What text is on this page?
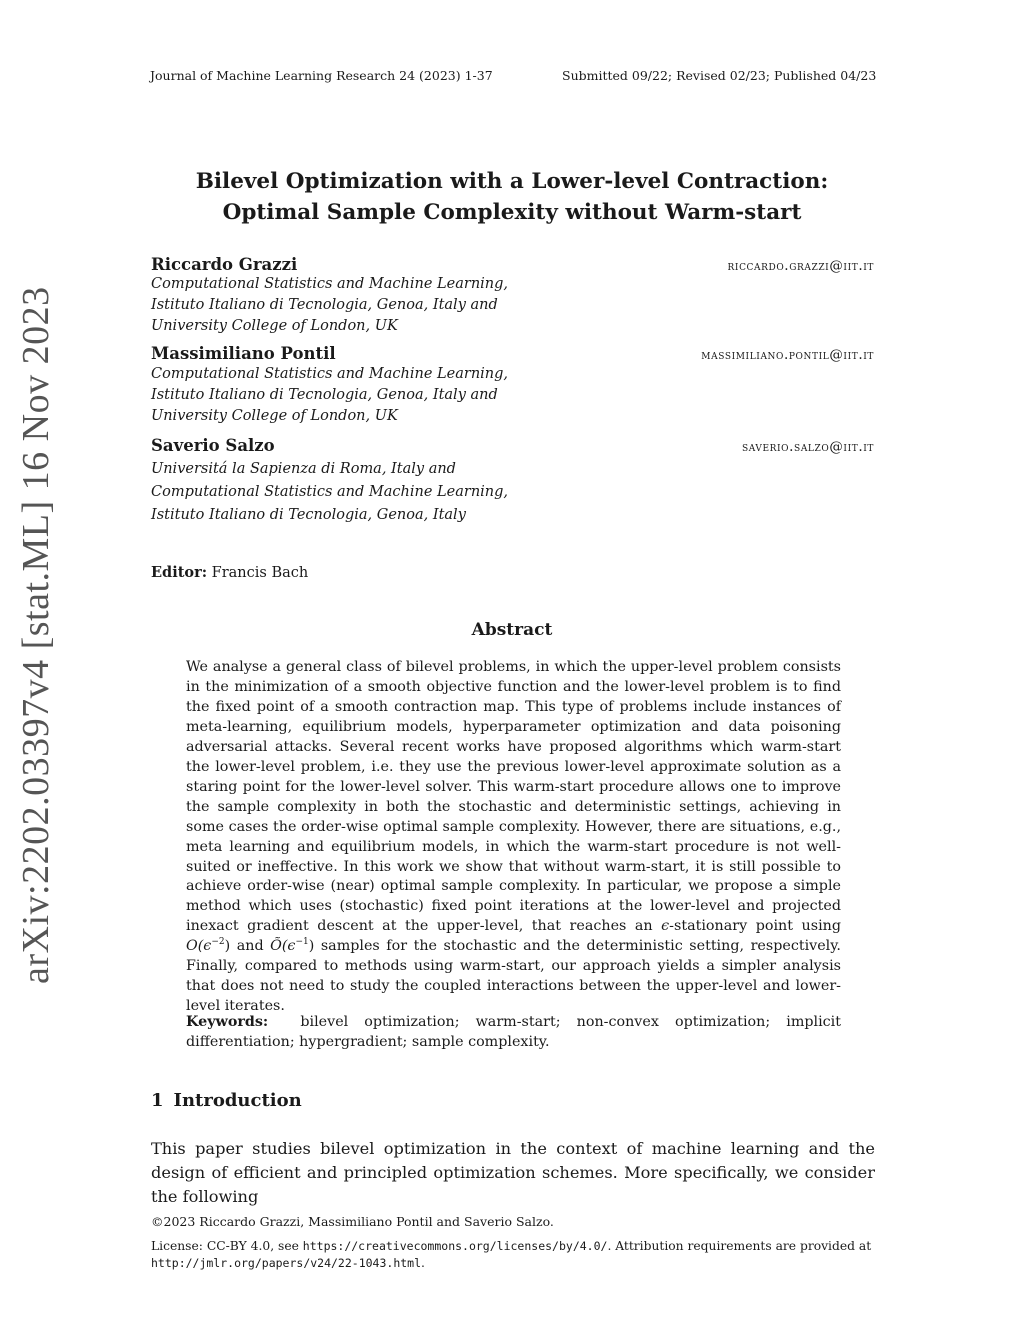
Journal of Machine Learning Research 24 (2023) 1-37	Submitted 09/22; Revised 02/23; Published 04/23
arXiv:2202.03397v4 [stat.ML] 16 Nov 2023
Bilevel Optimization with a Lower-level Contraction:
Optimal Sample Complexity without Warm-start
Riccardo Grazzi	riccardo.grazzi@iit.it
Computational Statistics and Machine Learning,
Istituto Italiano di Tecnologia, Genoa, Italy and
University College of London, UK
Massimiliano Pontil	massimiliano.pontil@iit.it
Computational Statistics and Machine Learning,
Istituto Italiano di Tecnologia, Genoa, Italy and
University College of London, UK
Saverio Salzo	saverio.salzo@iit.it
Universitá la Sapienza di Roma, Italy and
Computational Statistics and Machine Learning,
Istituto Italiano di Tecnologia, Genoa, Italy
Editor: Francis Bach
Abstract
We analyse a general class of bilevel problems, in which the upper-level problem consists in the minimization of a smooth objective function and the lower-level problem is to find the fixed point of a smooth contraction map. This type of problems include instances of meta-learning, equilibrium models, hyperparameter optimization and data poisoning adversarial attacks. Several recent works have proposed algorithms which warm-start the lower-level problem, i.e. they use the previous lower-level approximate solution as a staring point for the lower-level solver. This warm-start procedure allows one to improve the sample complexity in both the stochastic and deterministic settings, achieving in some cases the order-wise optimal sample complexity. However, there are situations, e.g., meta learning and equilibrium models, in which the warm-start procedure is not well-suited or ineffective. In this work we show that without warm-start, it is still possible to achieve order-wise (near) optimal sample complexity. In particular, we propose a simple method which uses (stochastic) fixed point iterations at the lower-level and projected inexact gradient descent at the upper-level, that reaches an ϵ-stationary point using $O(\epsilon^{-2})$ and $Õ(\epsilon^{-1})$ samples for the stochastic and the deterministic setting, respectively. Finally, compared to methods using warm-start, our approach yields a simpler analysis that does not need to study the coupled interactions between the upper-level and lower-level iterates.
Keywords: bilevel optimization; warm-start; non-convex optimization; implicit differentiation; hypergradient; sample complexity.
1 Introduction
This paper studies bilevel optimization in the context of machine learning and the design of efficient and principled optimization schemes. More specifically, we consider the following
©2023 Riccardo Grazzi, Massimiliano Pontil and Saverio Salzo.
License: CC-BY 4.0, see https://creativecommons.org/licenses/by/4.0/. Attribution requirements are provided at http://jmlr.org/papers/v24/22-1043.html.
